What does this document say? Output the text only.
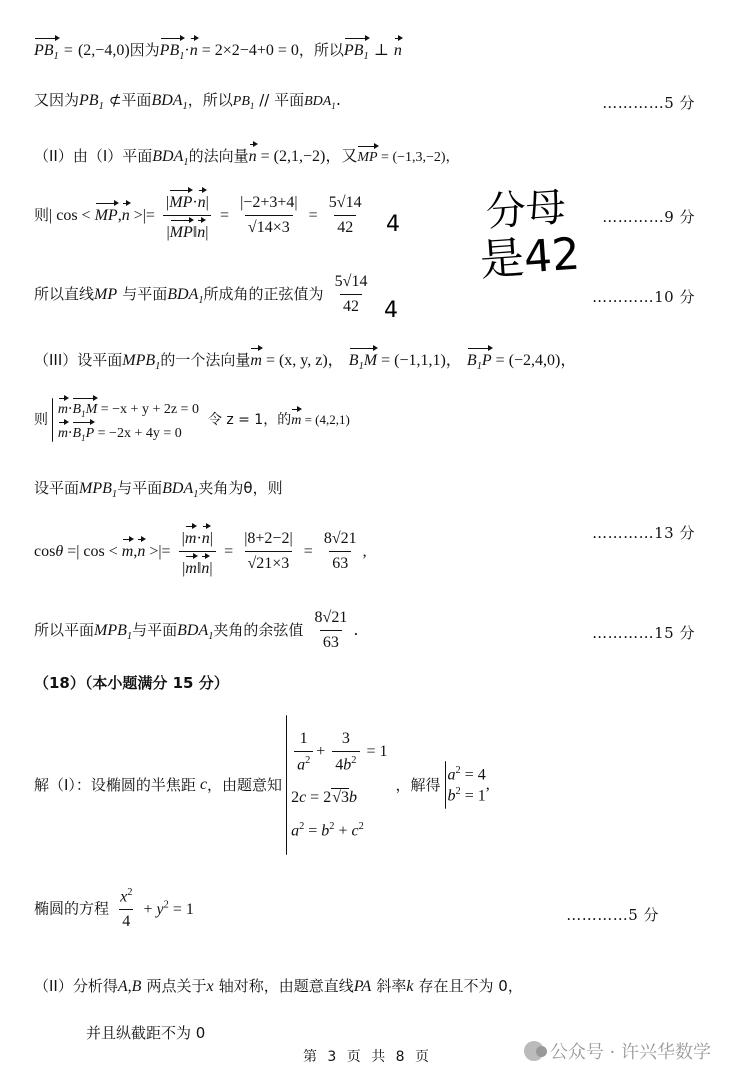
$PB_1 = (2,-4,0)$因为$PB_1\cdot n = 2\times 2-4+0 = 0$，所以$PB_1$ ⊥ n
又因为$PB_1$ ⊄平面$BDA_1$，所以$PB_1$ // 平面$BDA_1$.	…………5 分
（II）由（I）平面$BDA_1$的法向量n = (2,1,−2)，又MP = (−1,3,−2)，
则| cos < MP,n >|= $\frac{|MP\cdot n|}{|MP‖n|} = \frac{|-2+3+4|}{√14\times 3} = \frac{5√14}{42}$	…………9 分
分母
是42
4
4
所以直线MP 与平面$BDA_1$所成角的正弦值为 $\frac{5√14}{42}$	…………10 分
（III）设平面$MPB_1$的一个法向量m = (x, y, z)， $B_1M = (-1,1,1)$， $B_1P = (-2,4,0)$，
则
$m\cdot B_1M = -x + y + 2z = 0$
$m\cdot B_1P = -2x + 4y = 0$
令 z = 1，的m = (4,2,1)
设平面$MPB_1$与平面$BDA_1$夹角为θ，则
cosθ =| cos < m,n >|= $\frac{|m\cdot n|}{|m‖n|} = \frac{|8+2-2|}{√21\times 3} = \frac{8√21}{63}$ ,
…………13 分
所以平面$MPB_1$与平面$BDA_1$夹角的余弦值 $\frac{8√21}{63}$ .	…………15 分
（18）（本小题满分 15 分）
解（I）：设椭圆的半焦距 c ，由题意知
$\frac{1}{a^2} + \frac{3}{4b^2} = 1$
2c = 2√3b
$a^2 = b^2 + c^2$
，解得
$a^2 = 4$
$b^2 = 1$
,
椭圆的方程 $\frac{x^2}{4} + y^2 = 1$	…………5 分
（II）分析得A,B 两点关于x 轴对称，由题意直线PA 斜率k 存在且不为 0，
并且纵截距不为 0
第 3 页 共 8 页	公众号 · 许兴华数学
